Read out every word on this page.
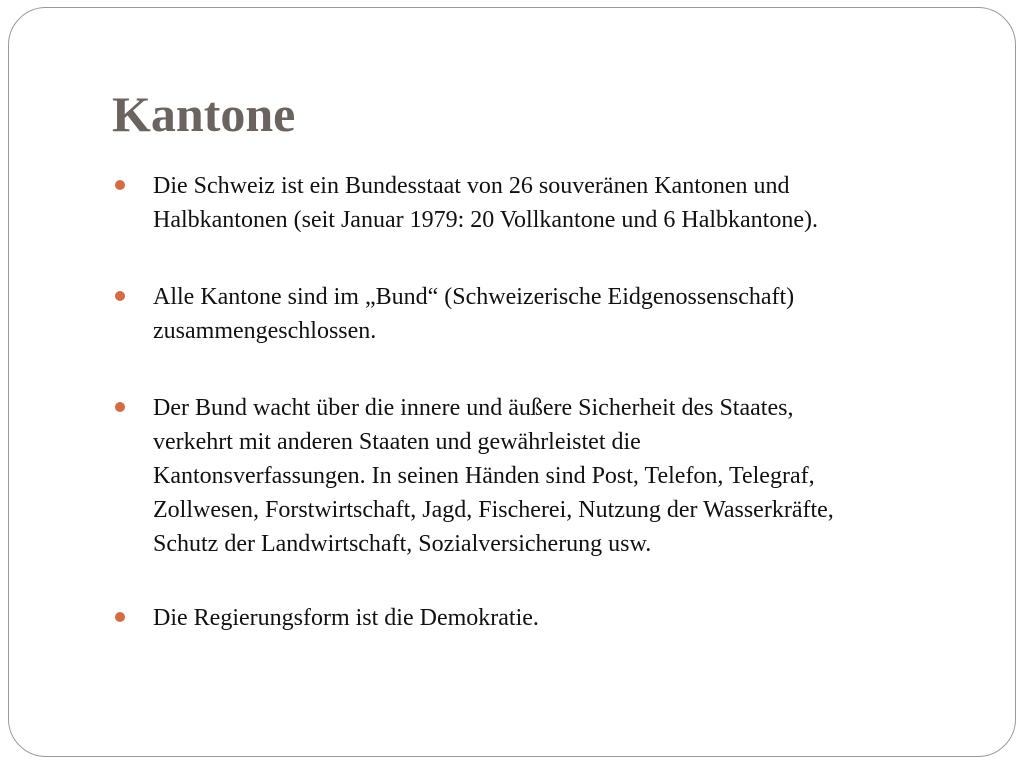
Kantone
Die Schweiz ist ein Bundesstaat von 26 souveränen Kantonen und
Halbkantonen (seit Januar 1979: 20 Vollkantone und 6 Halbkantone).
Alle Kantone sind im „Bund“ (Schweizerische Eidgenossenschaft)
zusammengeschlossen.
Der Bund wacht über die innere und äußere Sicherheit des Staates,
verkehrt mit anderen Staaten und gewährleistet die
Kantonsverfassungen. In seinen Händen sind Post, Telefon, Telegraf,
Zollwesen, Forstwirtschaft, Jagd, Fischerei, Nutzung der Wasserkräfte,
Schutz der Landwirtschaft, Sozialversicherung usw.
Die Regierungsform ist die Demokratie.
